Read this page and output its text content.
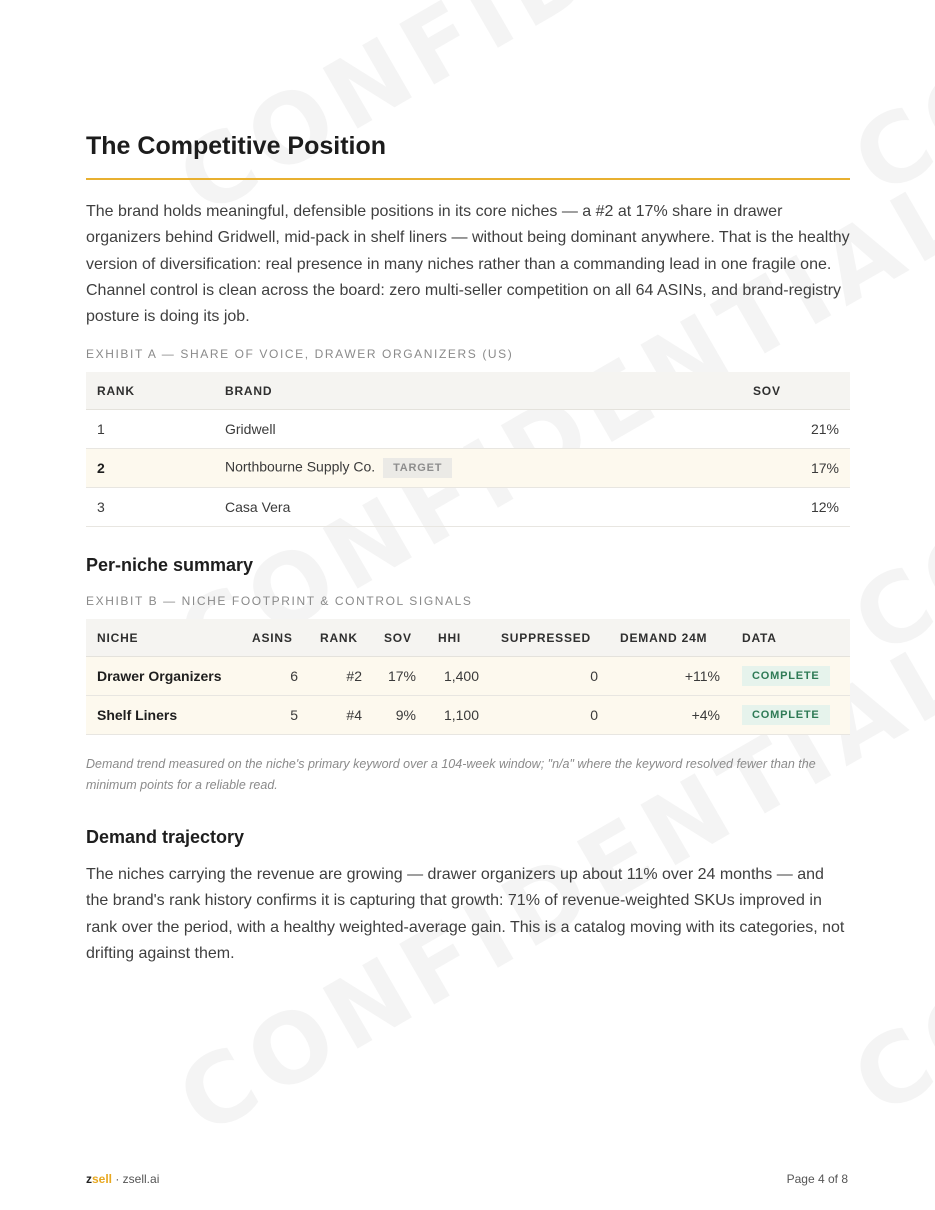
The Competitive Position

The brand holds meaningful, defensible positions in its core niches — a #2 at 17% share in drawer organizers behind Gridwell, mid-pack in shelf liners — without being dominant anywhere. That is the healthy version of diversification: real presence in many niches rather than a commanding lead in one fragile one. Channel control is clean across the board: zero multi-seller competition on all 64 ASINs, and brand-registry posture is doing its job.

EXHIBIT A — SHARE OF VOICE, DRAWER ORGANIZERS (US)
RANK	BRAND	SOV
1	Gridwell	21%
2	Northbourne Supply Co. TARGET	17%
3	Casa Vera	12%
Per-niche summary
EXHIBIT B — NICHE FOOTPRINT & CONTROL SIGNALS
NICHE	ASINS	RANK	SOV	HHI	SUPPRESSED	DEMAND 24M	DATA
Drawer Organizers	6	#2	17%	1,400	0	+11%	COMPLETE
Shelf Liners	5	#4	9%	1,100	0	+4%	COMPLETE

Demand trend measured on the niche's primary keyword over a 104-week window; "n/a" where the keyword resolved fewer than the minimum points for a reliable read.

Demand trajectory

The niches carrying the revenue are growing — drawer organizers up about 11% over 24 months — and the brand's rank history confirms it is capturing that growth: 71% of revenue-weighted SKUs improved in rank over the period, with a healthy weighted-average gain. This is a catalog moving with its categories, not drifting against them.

zsell · zsell.ai	Page 4 of 8
